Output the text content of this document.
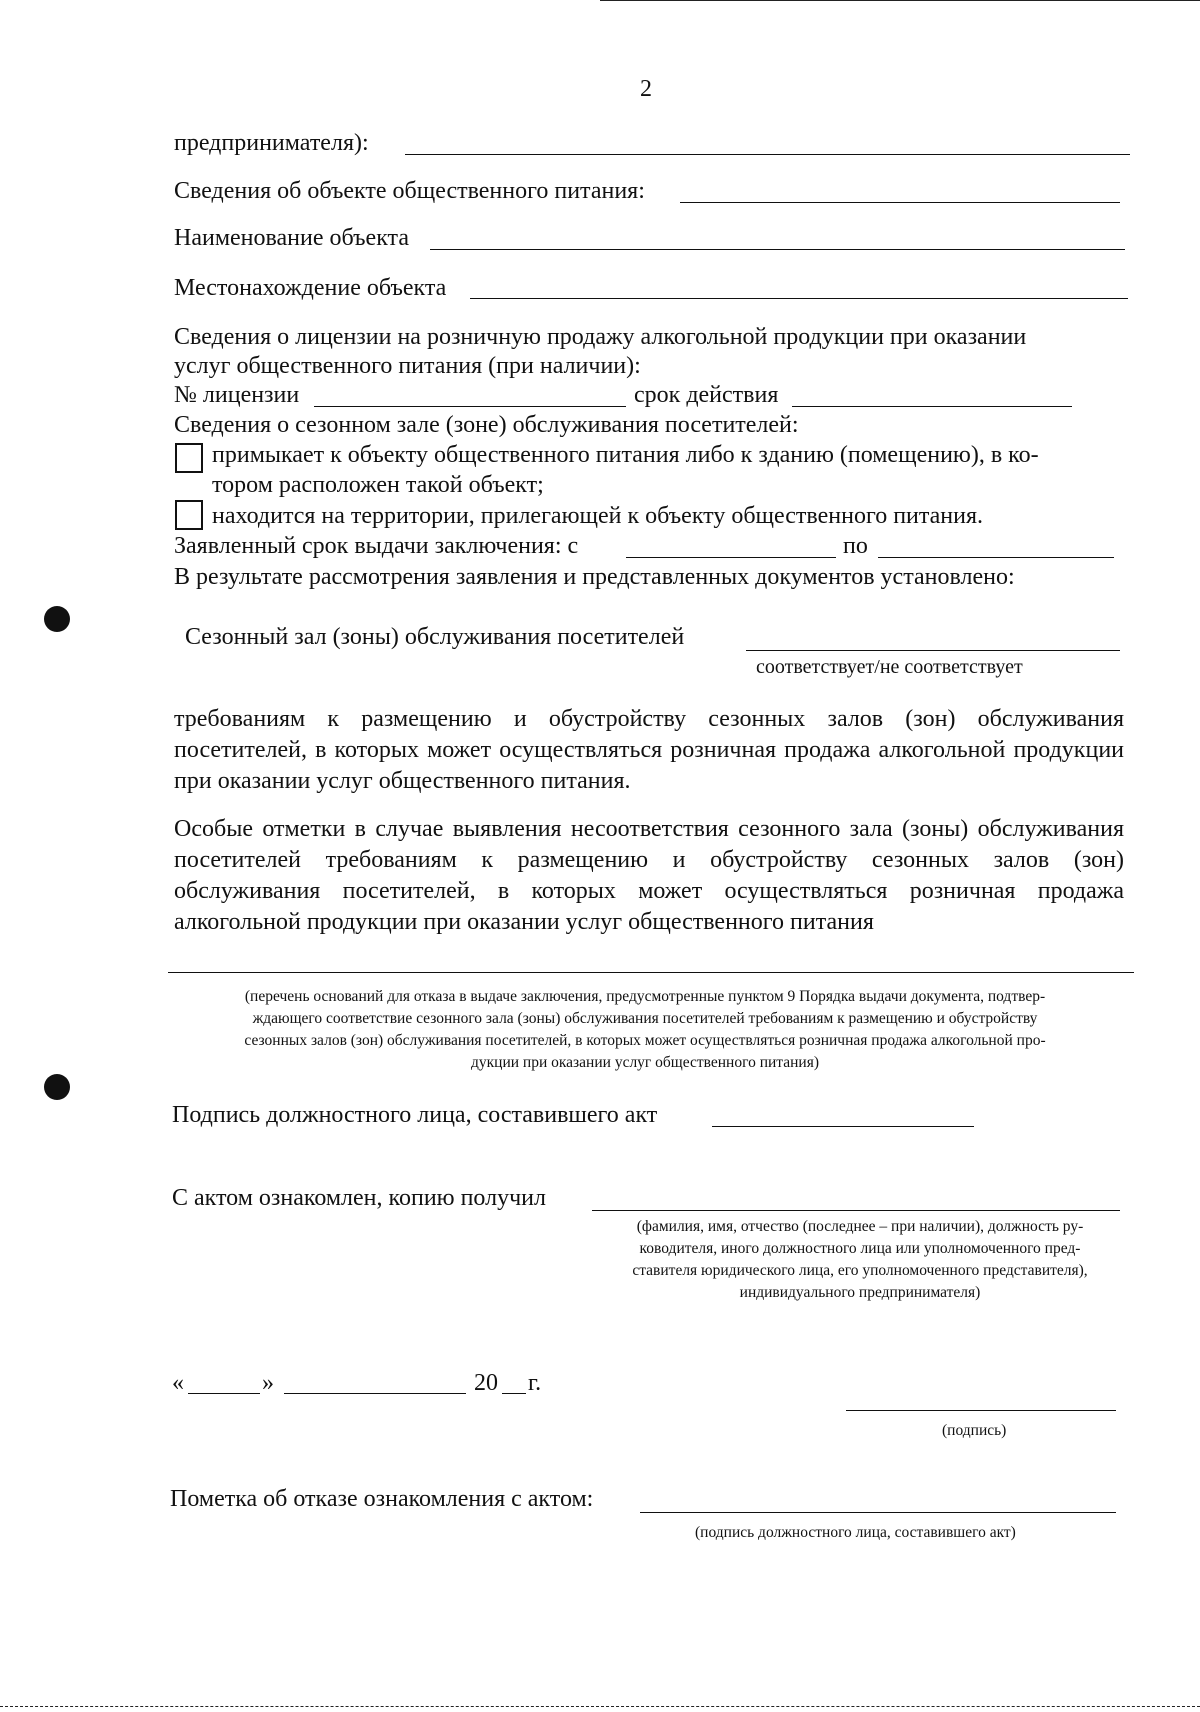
2
предпринимателя):
Сведения об объекте общественного питания:
Наименование объекта
Местонахождение объекта
Сведения о лицензии на розничную продажу алкогольной продукции при оказании
услуг общественного питания (при наличии):
№ лицензии	срок действия
Сведения о сезонном зале (зоне) обслуживания посетителей:
примыкает к объекту общественного питания либо к зданию (помещению), в ко-
тором расположен такой объект;
находится на территории, прилегающей к объекту общественного питания.
Заявленный срок выдачи заключения: с	по
В результате рассмотрения заявления и представленных документов установлено:
Сезонный зал (зоны) обслуживания посетителей
соответствует/не соответствует
требованиям к размещению и обустройству сезонных залов (зон) обслуживания посетителей, в которых может осуществляться розничная продажа алкогольной продукции при оказании услуг общественного питания.
Особые отметки в случае выявления несоответствия сезонного зала (зоны) обслуживания посетителей требованиям к размещению и обустройству сезонных залов (зон) обслуживания посетителей, в которых может осуществляться розничная продажа алкогольной продукции при оказании услуг общественного питания
(перечень оснований для отказа в выдаче заключения, предусмотренные пунктом 9 Порядка выдачи документа, подтвер-
ждающего соответствие сезонного зала (зоны) обслуживания посетителей требованиям к размещению и обустройству
сезонных залов (зон) обслуживания посетителей, в которых может осуществляться розничная продажа алкогольной про-
дукции при оказании услуг общественного питания)
Подпись должностного лица, составившего акт
С актом ознакомлен, копию получил
(фамилия, имя, отчество (последнее – при наличии), должность ру-
ководителя, иного должностного лица или уполномоченного пред-
ставителя юридического лица, его уполномоченного представителя),
индивидуального предпринимателя)
«	»	20 г.
(подпись)
Пометка об отказе ознакомления с актом:
(подпись должностного лица, составившего акт)
